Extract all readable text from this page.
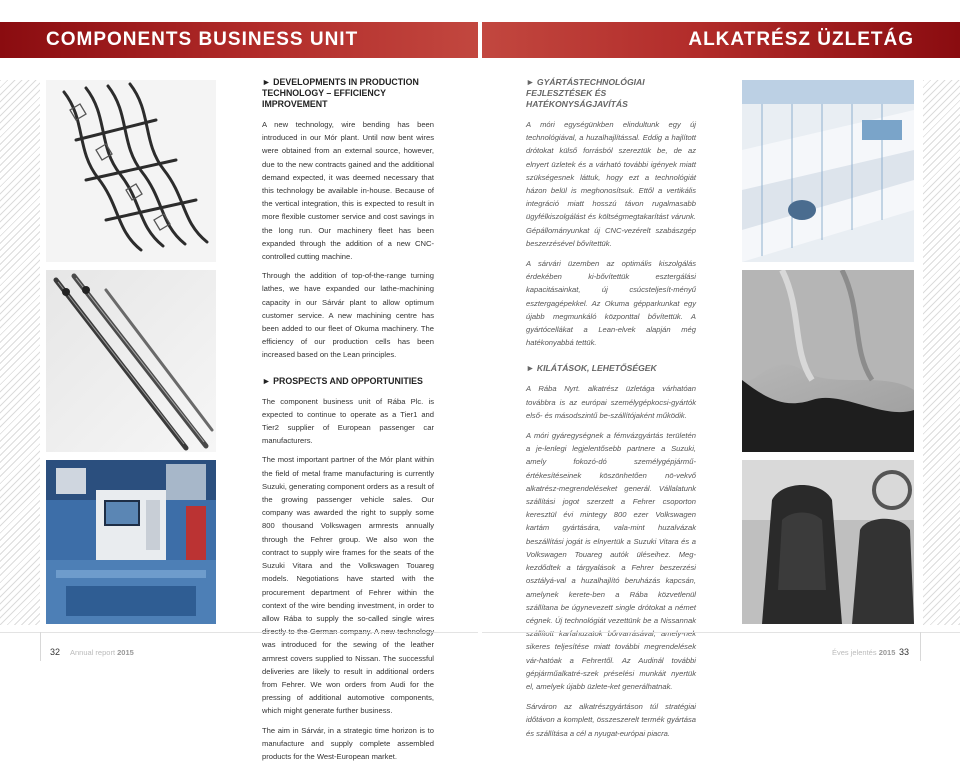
COMPONENTS BUSINESS UNIT	ALKATRÉSZ ÜZLETÁG
► DEVELOPMENTS IN PRODUCTION TECHNOLOGY – EFFICIENCY IMPROVEMENT

A new technology, wire bending has been introduced in our Mór plant. Until now bent wires were obtained from an external source, however, due to the new contracts gained and the additional demand expected, it was deemed necessary that this technology be available in-house. Because of the vertical integration, this is expected to result in more flexible customer service and cost savings in the long run. Our machinery fleet has been expanded through the addition of a new CNC-controlled cutting machine.

Through the addition of top-of-the-range turning lathes, we have expanded our lathe-machining capacity in our Sárvár plant to allow optimum customer service. A new machining centre has been added to our fleet of Okuma machinery. The efficiency of our production cells has been increased based on the Lean principles.

► PROSPECTS AND OPPORTUNITIES

The component business unit of Rába Plc. is expected to continue to operate as a Tier1 and Tier2 supplier of European passenger car manufacturers.

The most important partner of the Mór plant within the field of metal frame manufacturing is currently Suzuki, generating component orders as a result of the growing passenger vehicle sales. Our company was awarded the right to supply some 800 thousand Volkswagen armrests annually through the Fehrer group. We also won the contract to supply wire frames for the seats of the Suzuki Vitara and the Volkswagen Touareg models. Negotiations have started with the procurement department of Fehrer within the context of the wire bending investment, in order to allow Rába to supply the so-called single wires directly to the German company. A new technology was introduced for the sewing of the leather armrest covers supplied to Nissan. The successful deliveries are likely to result in additional orders from Fehrer. We won orders from Audi for the pressing of additional automotive components, which might generate further business.

The aim in Sárvár, in a strategic time horizon is to manufacture and supply complete assembled products for the West-European market.

► GYÁRTÁSTECHNOLÓGIAI FEJLESZTÉSEK ÉS HATÉKONYSÁGJAVÍTÁS

A móri egységünkben elindultunk egy új technológiával, a huzalhajlítással. Eddig a hajlított drótokat külső forrásból szereztük be, de az elnyert üzletek és a várható további igények miatt szükségesnek láttuk, hogy ezt a technológiát házon belül is meghonosítsuk. Ettől a vertikális integráció miatt hosszú távon rugalmasabb ügyfélkiszolgálást és költségmegtakarítást várunk. Gépállományunkat új CNC-vezérelt szabászgép beszerzésével bővítettük.

A sárvári üzemben az optimális kiszolgálás érdekében ki-bővítettük esztergálási kapacitásainkat, új csúcsteljesít-ményű esztergagépekkel. Az Okuma gépparkunkat egy újabb megmunkáló központtal bővítettük. A gyártócellákat a Lean-elvek alapján még hatékonyabbá tettük.

► KILÁTÁSOK, LEHETŐSÉGEK

A Rába Nyrt. alkatrész üzletága várhatóan továbbra is az európai személygépkocsi-gyártók első- és másodszintű be-szállítójaként működik.

A móri gyáregységnek a fémvázgyártás területén a je-lenlegi legjelentősebb partnere a Suzuki, amely fokozó-dó személygépjármű-értékesítéseinek köszönhetően nö-vekvő alkatrész-megrendeléseket generál. Vállalatunk szállítási jogot szerzett a Fehrer csoporton keresztül évi mintegy 800 ezer Volkswagen kartám gyártására, vala-mint huzalvázak beszállítási jogát is elnyertük a Suzuki Vitara és a Volkswagen Touareg autók üléseihez. Meg-kezdődtek a tárgyalások a Fehrer beszerzési osztályá-val a huzalhajlító beruházás kapcsán, amelynek kerete-ben a Rába közvetlenül szállítana be úgynevezett single drótokat a német cégnek. Új technológiát vezettünk be a Nissannak szállított karfahuzatok bőrvarrásával, amely-nek sikeres teljesítése miatt további megrendelések vár-hatóak a Fehrertől. Az Audinál további gépjárműalkatré-szek préselési munkáit nyertük el, amelyek újabb üzlete-ket generálhatnak.

Sárváron az alkatrészgyártáson túl stratégiai időtávon a komplett, összeszerelt termék gyártása és szállítása a cél a nyugat-európai piacra.

32 Annual report 2015	Éves jelentés 2015 33
